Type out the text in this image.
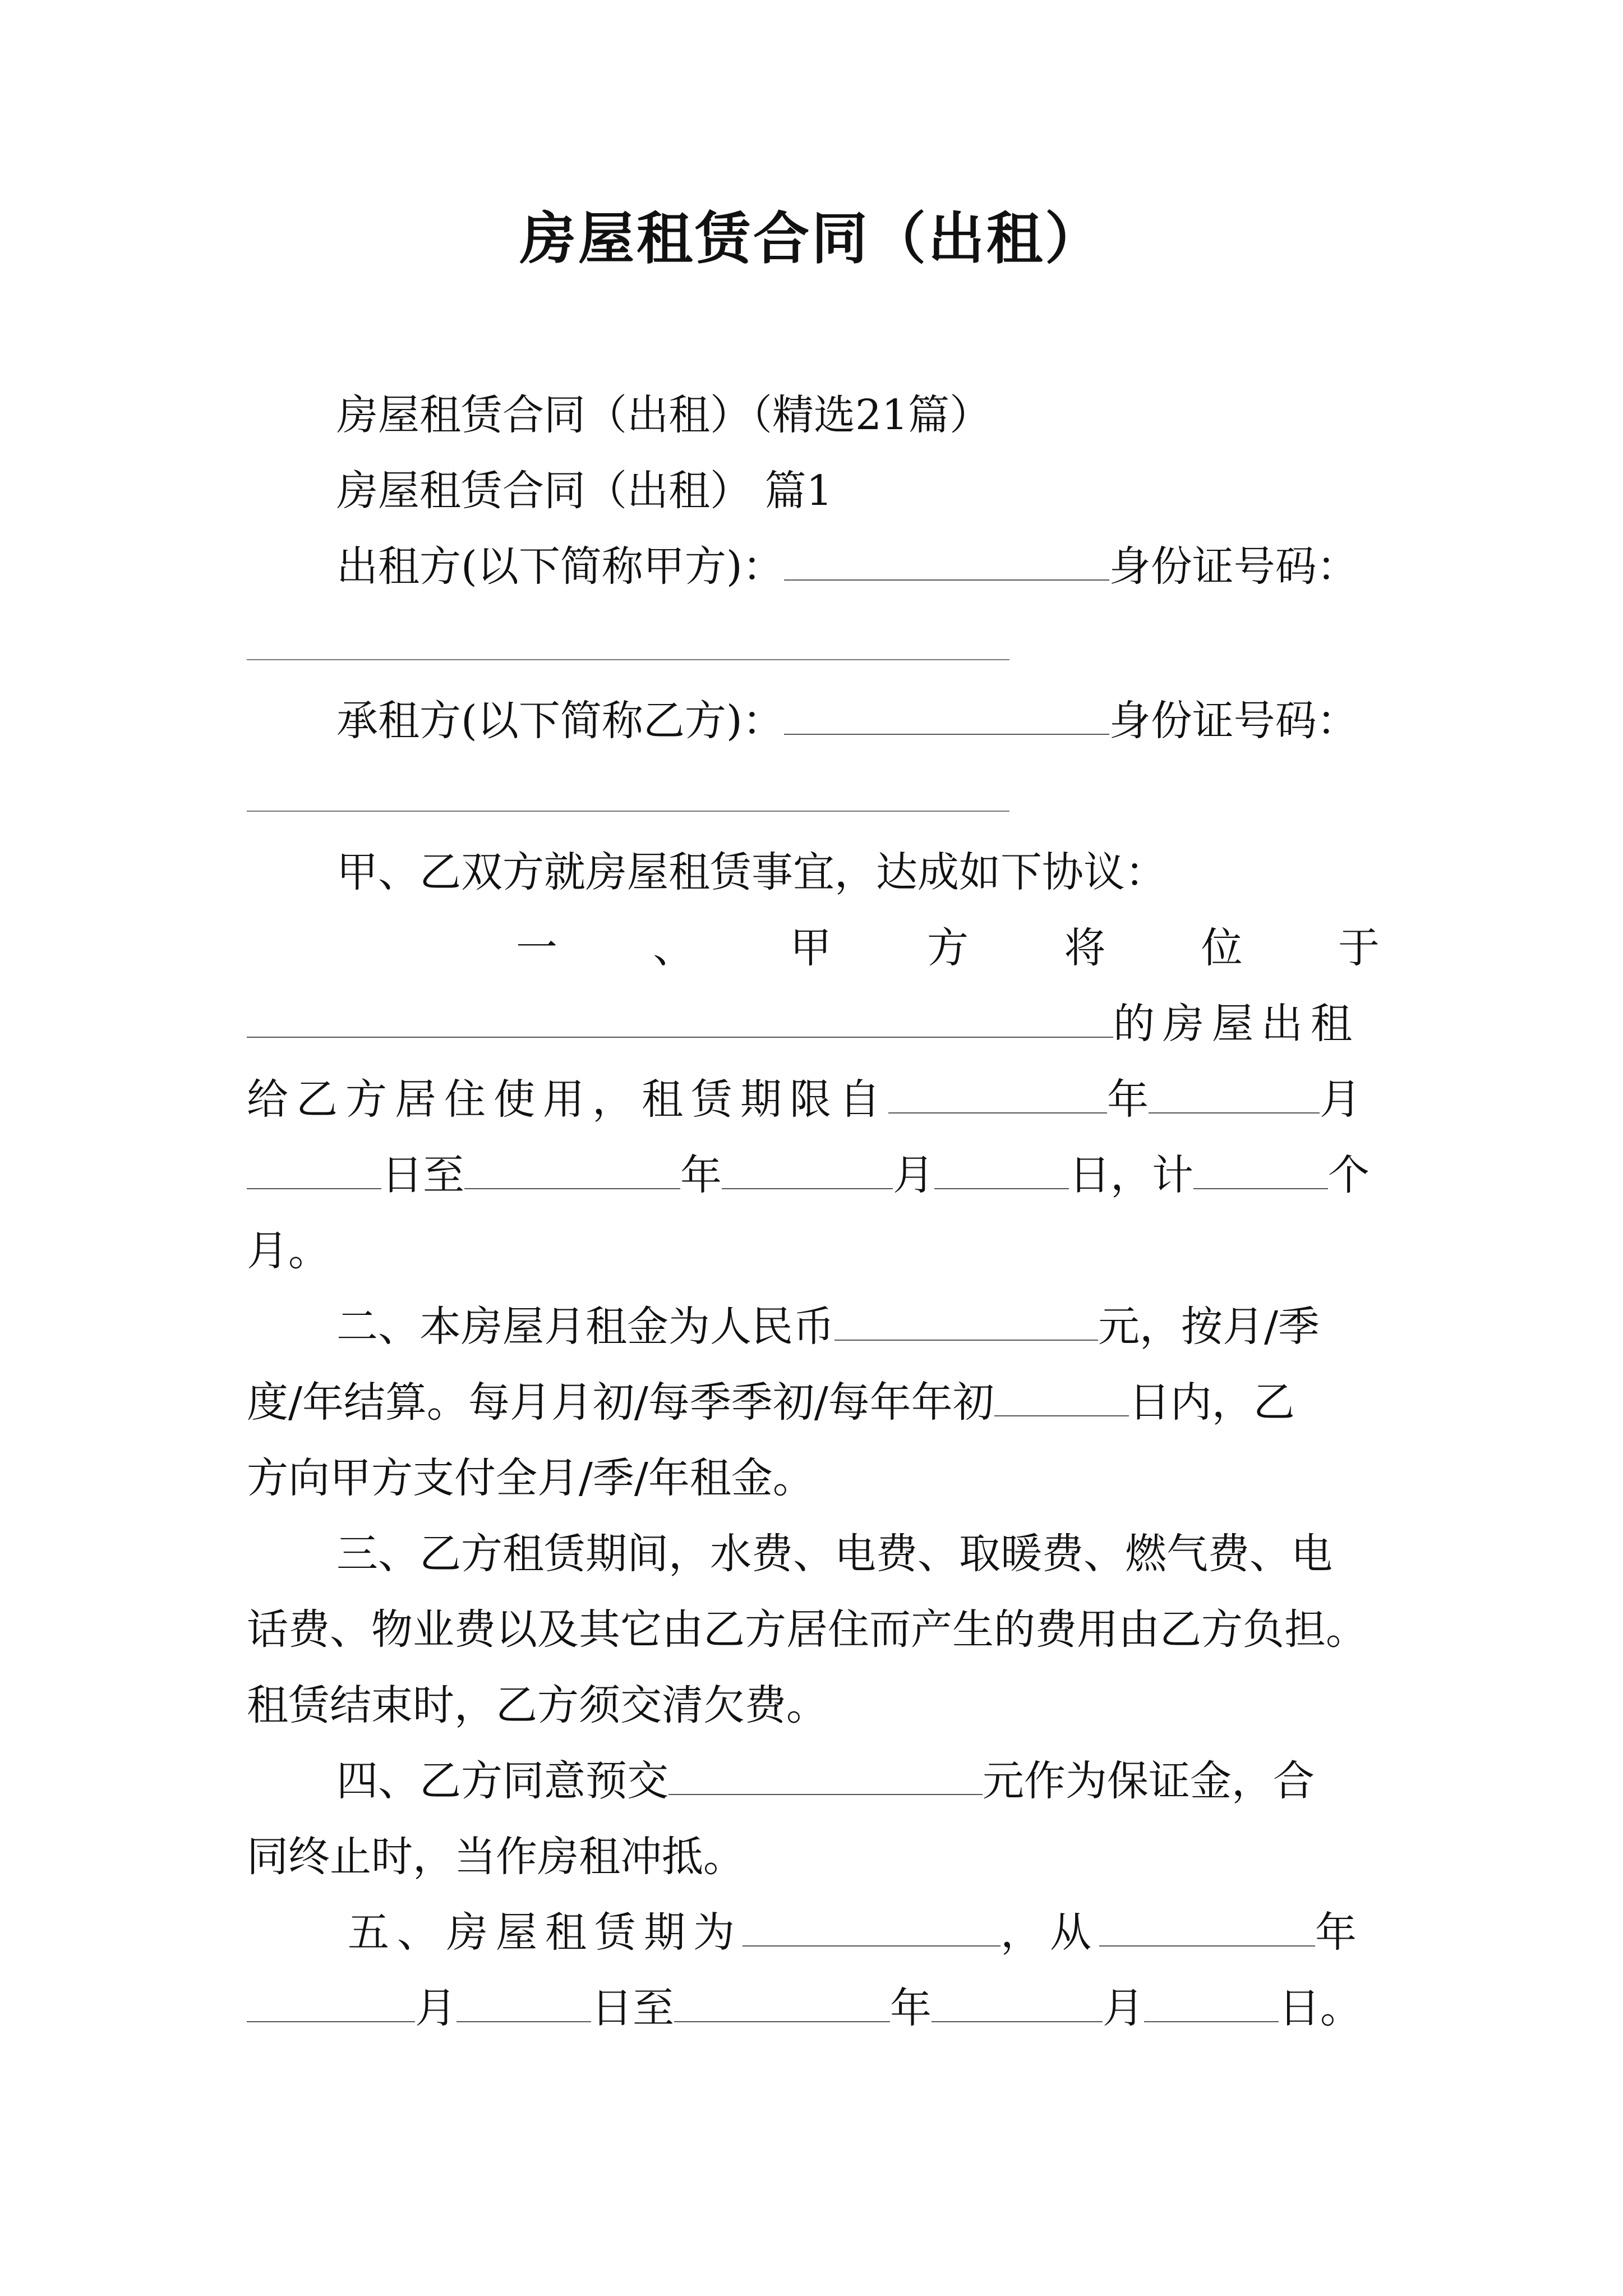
房屋租赁合同（出租）
房屋租赁合同（出租）（精选21篇）
房屋租赁合同（出租） 篇1
出租方(以下简称甲方)：	身份证号码：
承租方(以下简称乙方)：	身份证号码：
甲、乙双方就房屋租赁事宜，达成如下协议：
一 、 甲 方 将 位 于
的房屋出租
给乙方居住使用，租赁期限自	年	月
日至	年	月	日，计	个
月。
二、本房屋月租金为人民币	元，按月/季
度/年结算。每月月初/每季季初/每年年初	日内，乙
方向甲方支付全月/季/年租金。
三、乙方租赁期间，水费、电费、取暖费、燃气费、电
话费、物业费以及其它由乙方居住而产生的费用由乙方负担。
租赁结束时，乙方须交清欠费。
四、乙方同意预交	元作为保证金，合
同终止时，当作房租冲抵。
五、房屋租赁期为	，从	年
月	日至	年	月	日。
